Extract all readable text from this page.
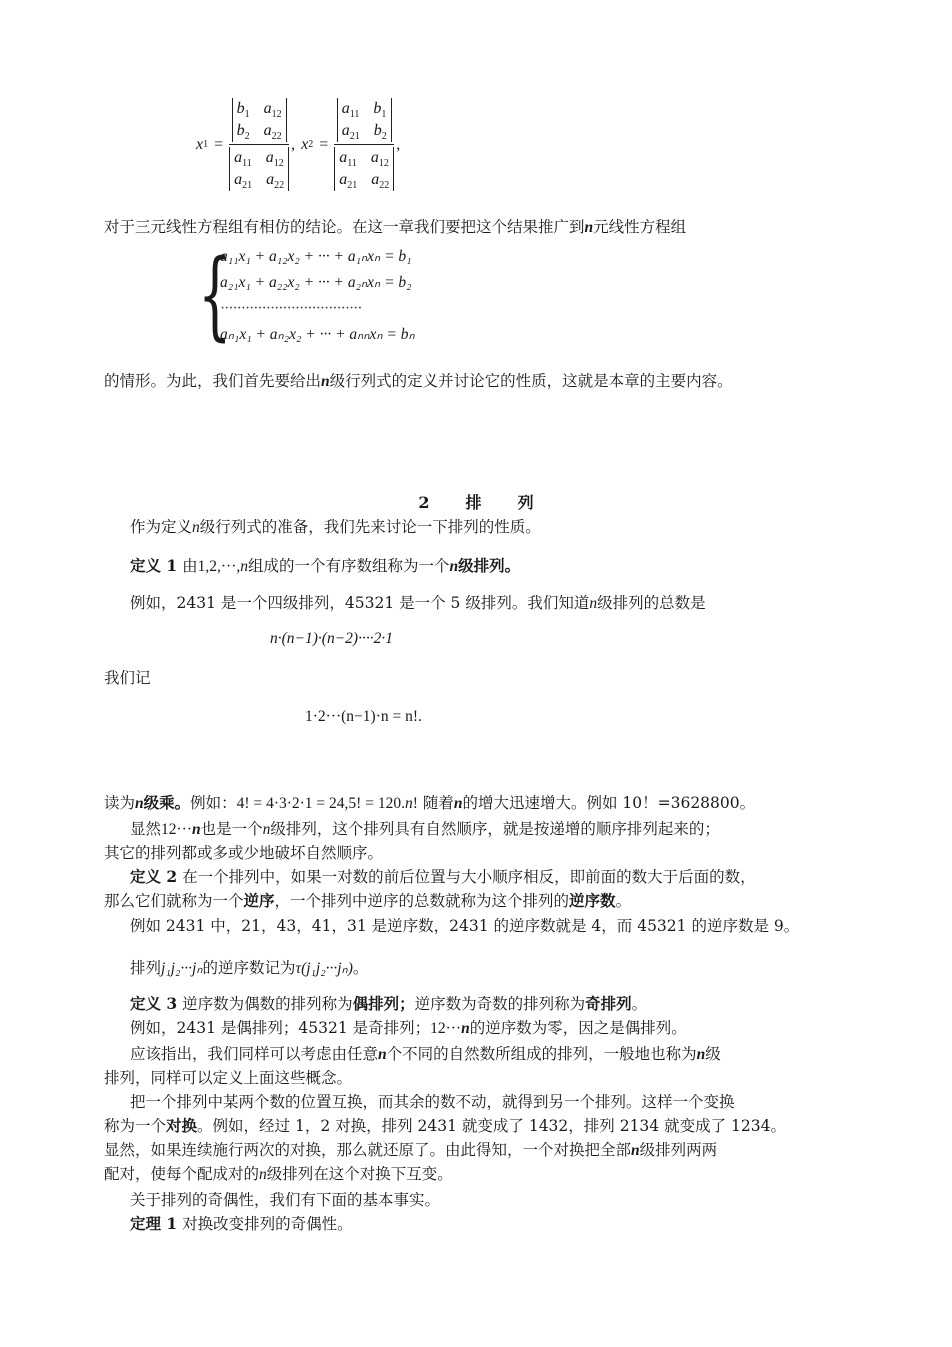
x $1 = b_1$ $a_{12}$
$b_2$ $a_{22}$
$a_{11}$ $a_{12}$
$a_{21}$ $a_{22}$ , x $2 = a_{11}$ $b_1$
$a_{21}$ $b_2$
$a_{11}$ $a_{12}$
$a_{21}$ $a_{22}$ ,
对于三元线性方程组有相仿的结论。在这一章我们要把这个结果推广到n元线性方程组
{
a₁₁x₁ + a₁₂x₂ + ··· + a₁ₙxₙ = b₁
a₂₁x₁ + a₂₂x₂ + ··· + a₂ₙxₙ = b₂
··································
aₙ₁x₁ + aₙ₂x₂ + ··· + aₙₙxₙ = bₙ
的情形。为此，我们首先要给出n级行列式的定义并讨论它的性质，这就是本章的主要内容。
2 排 列
作为定义n级行列式的准备，我们先来讨论一下排列的性质。
定义 1 由1,2,···,n组成的一个有序数组称为一个n级排列。
例如，2431 是一个四级排列，45321 是一个 5 级排列。我们知道n级排列的总数是
n·(n−1)·(n−2)····2·1
我们记
1·2···(n−1)·n = n!.
读为n级乘。例如：4! = 4·3·2·1 = 24,5! = 120.n! 随着n的增大迅速增大。例如 10！=3628800。
显然12···n也是一个n级排列，这个排列具有自然顺序，就是按递增的顺序排列起来的；
其它的排列都或多或少地破坏自然顺序。
定义 2 在一个排列中，如果一对数的前后位置与大小顺序相反，即前面的数大于后面的数，
那么它们就称为一个逆序，一个排列中逆序的总数就称为这个排列的逆序数。
例如 2431 中，21，43，41，31 是逆序数，2431 的逆序数就是 4，而 45321 的逆序数是 9。
排列j₁j₂···jₙ的逆序数记为τ(j₁j₂···jₙ)。
定义 3 逆序数为偶数的排列称为偶排列；逆序数为奇数的排列称为奇排列。
例如，2431 是偶排列；45321 是奇排列；12···n的逆序数为零，因之是偶排列。
应该指出，我们同样可以考虑由任意n个不同的自然数所组成的排列，一般地也称为n级
排列，同样可以定义上面这些概念。
把一个排列中某两个数的位置互换，而其余的数不动，就得到另一个排列。这样一个变换
称为一个对换。例如，经过 1，2 对换，排列 2431 就变成了 1432，排列 2134 就变成了 1234。
显然，如果连续施行两次的对换，那么就还原了。由此得知，一个对换把全部n级排列两两
配对，使每个配成对的n级排列在这个对换下互变。
关于排列的奇偶性，我们有下面的基本事实。
定理 1 对换改变排列的奇偶性。
